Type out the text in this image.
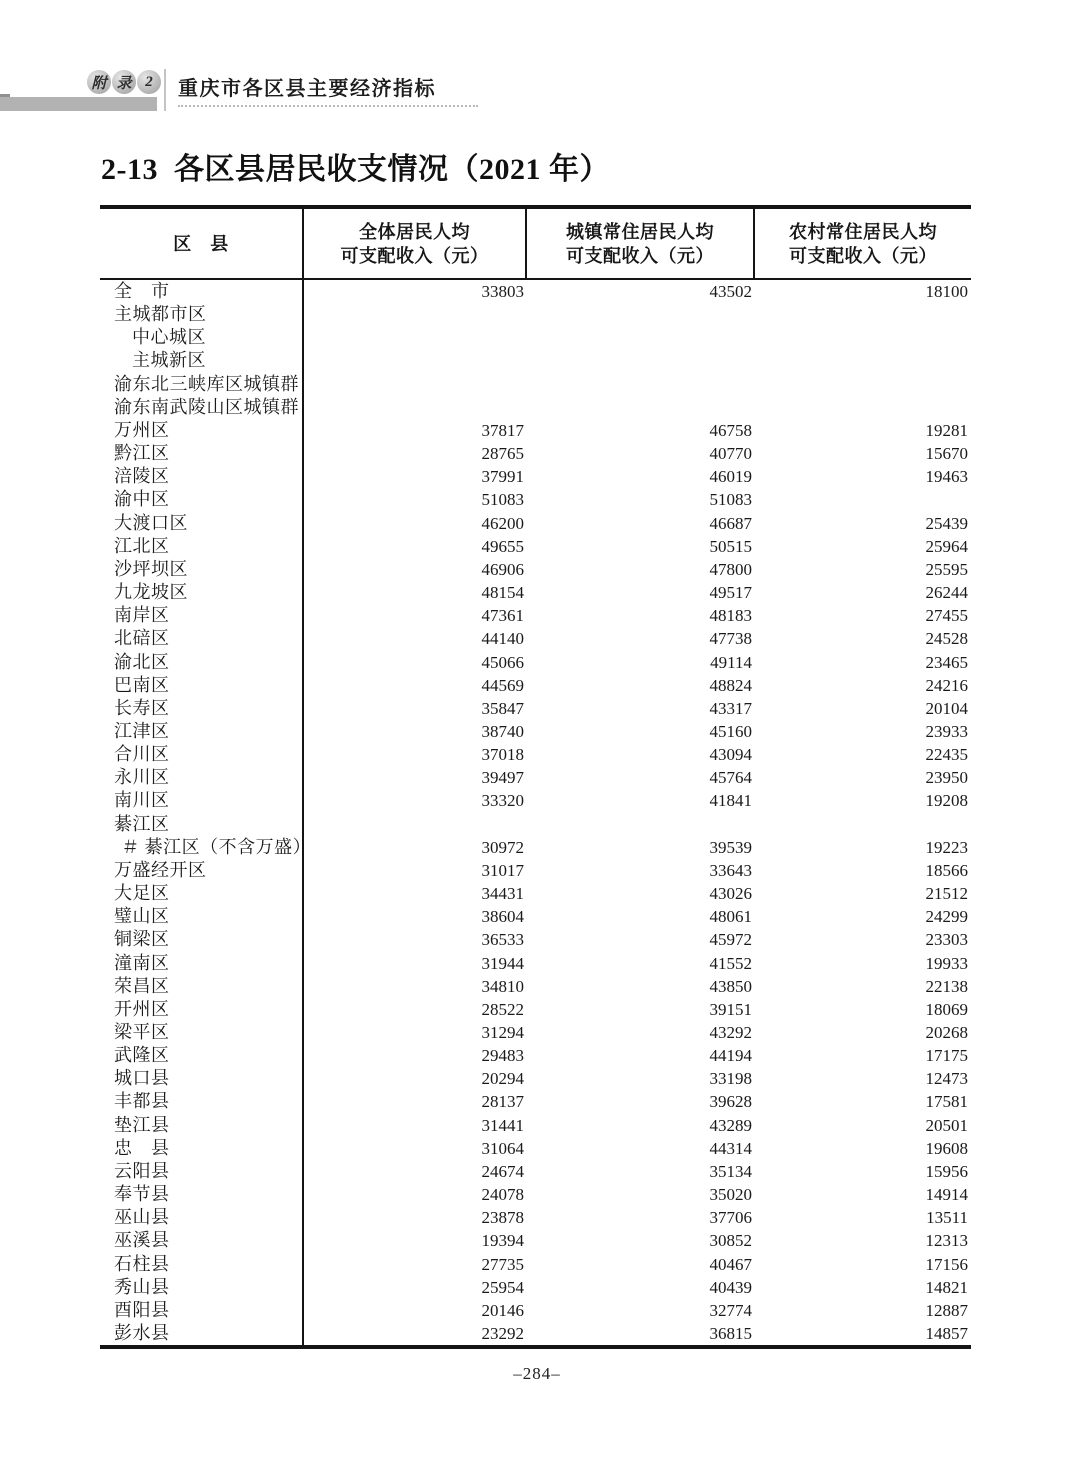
附 录 2	重庆市各区县主要经济指标
2-13  各区县居民收支情况（2021 年）
区　县
全体居民人均
可支配收入（元）
城镇常住居民人均
可支配收入（元）
农村常住居民人均
可支配收入（元）
全　市	33803	43502	18100
主城都市区
中心城区
主城新区
渝东北三峡库区城镇群
渝东南武陵山区城镇群
万州区	37817	46758	19281
黔江区	28765	40770	15670
涪陵区	37991	46019	19463
渝中区	51083	51083
大渡口区	46200	46687	25439
江北区	49655	50515	25964
沙坪坝区	46906	47800	25595
九龙坡区	48154	49517	26244
南岸区	47361	48183	27455
北碚区	44140	47738	24528
渝北区	45066	49114	23465
巴南区	44569	48824	24216
长寿区	35847	43317	20104
江津区	38740	45160	23933
合川区	37018	43094	22435
永川区	39497	45764	23950
南川区	33320	41841	19208
綦江区
＃ 綦江区（不含万盛）	30972	39539	19223
万盛经开区	31017	33643	18566
大足区	34431	43026	21512
璧山区	38604	48061	24299
铜梁区	36533	45972	23303
潼南区	31944	41552	19933
荣昌区	34810	43850	22138
开州区	28522	39151	18069
梁平区	31294	43292	20268
武隆区	29483	44194	17175
城口县	20294	33198	12473
丰都县	28137	39628	17581
垫江县	31441	43289	20501
忠　县	31064	44314	19608
云阳县	24674	35134	15956
奉节县	24078	35020	14914
巫山县	23878	37706	13511
巫溪县	19394	30852	12313
石柱县	27735	40467	17156
秀山县	25954	40439	14821
酉阳县	20146	32774	12887
彭水县	23292	36815	14857
–284–
